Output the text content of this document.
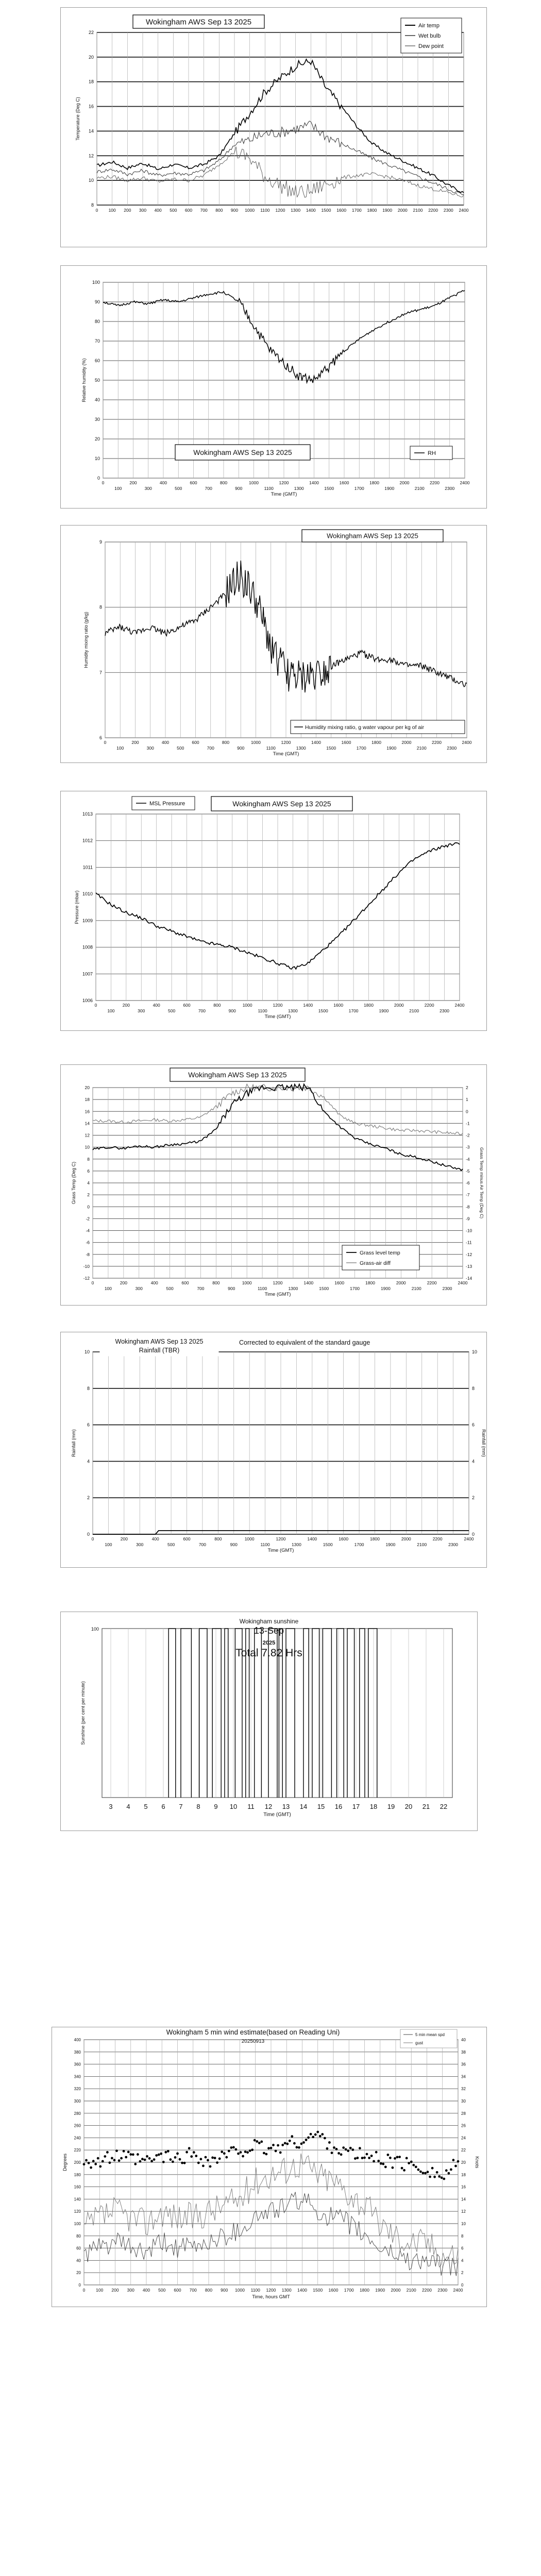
8
10
12
14
16
18
20
22
0 100 200 300 400 500 600 700 800 900 1000 1100 1200 1300 1400 1500 1600 1700 1800 1900 2000 2100 2200 2300 2400
Temperature (Deg C)
Wokingham AWS Sep 13 2025	Air temp
Wet bulb
Dew point
0
10
20
30
40
50
60
70
80
90
100
0	200	400	600	800	1000	1200	1400	1600	1800	2000	2200	2400
100	300	500	700	900	1100	1300	1500	1700	1900	2100	2300
Relative humidity (%)
Time (GMT)
Wokingham AWS Sep 13 2025	RH
6
7
8
9
0	200	400	600	800	1000	1200	1400	1600	1800	2000	2200	2400
100	300	500	700	900	1100	1300	1500	1700	1900	2100	2300
Humidity mixing ratio (g/kg)
Time (GMT)
Wokingham AWS Sep 13 2025
Humidity mixing ratio, g water vapour per kg of air
1006
1007
1008
1009
1010
1011
1012
1013
0	200	400	600	800	1000	1200	1400	1600	1800	2000	2200	2400
100	300	500	700	900	1100	1300	1500	1700	1900	2100	2300
Pressure (mbar)
Time (GMT)
MSL Pressure	Wokingham AWS Sep 13 2025
-12
-10
-8
-6
-4
-2
0
2
4
6
8
10
12
14
16
18
20
0	200	400	600	800	1000	1200	1400	1600	1800	2000	2200	2400
100	300	500	700	900	1100	1300	1500	1700	1900	2100	2300
Grass Temp (Deg C)
Time (GMT)
-14
-13
-12
-11
-10
-9
-8
-7
-6
-5
-4
-3
-2
-1
0
1
2
Grass Temp minus Air Temp (Deg C)
Wokingham AWS Sep 13 2025
Grass level temp
Grass-air diff
0
2
4
6
8
10
0	200	400	600	800	1000	1200	1400	1600	1800	2000	2200	2400
100	300	500	700	900	1100	1300	1500	1700	1900	2100	2300
Rainfall (mm)
Time (GMT)
0
2
4
6
8
10
Rainfall (mm)
Wokingham AWS Sep 13 2025
Rainfall (TBR)
Corrected to equivalent of the standard gauge
3 4 5 6 7 8 9 10 11 12 13 14 15 16 17 18 19 20 21 22
100
Sunshine (per cent per minute)
Time (GMT)
Wokingham sunshine
13-Sep
2025
Total 7.82 Hrs
0
20
40
60
80
100
120
140
160
180
200
220
240
260
280
300
320
340
360
380
400
0 100 200 300 400 500 600 700 800 900 1000 1100 1200 1300 1400 1500 1600 1700 1800 1900 2000 2100 2200 2300 2400
Degrees
Time, hours GMT
0
2
4
6
8
10
12
14
16
18
20
22
24
26
28
30
32
34
36
38
40
Knots
Wokingham 5 min wind estimate(based on Reading Uni)
20250913
5 min mean spd
gust
